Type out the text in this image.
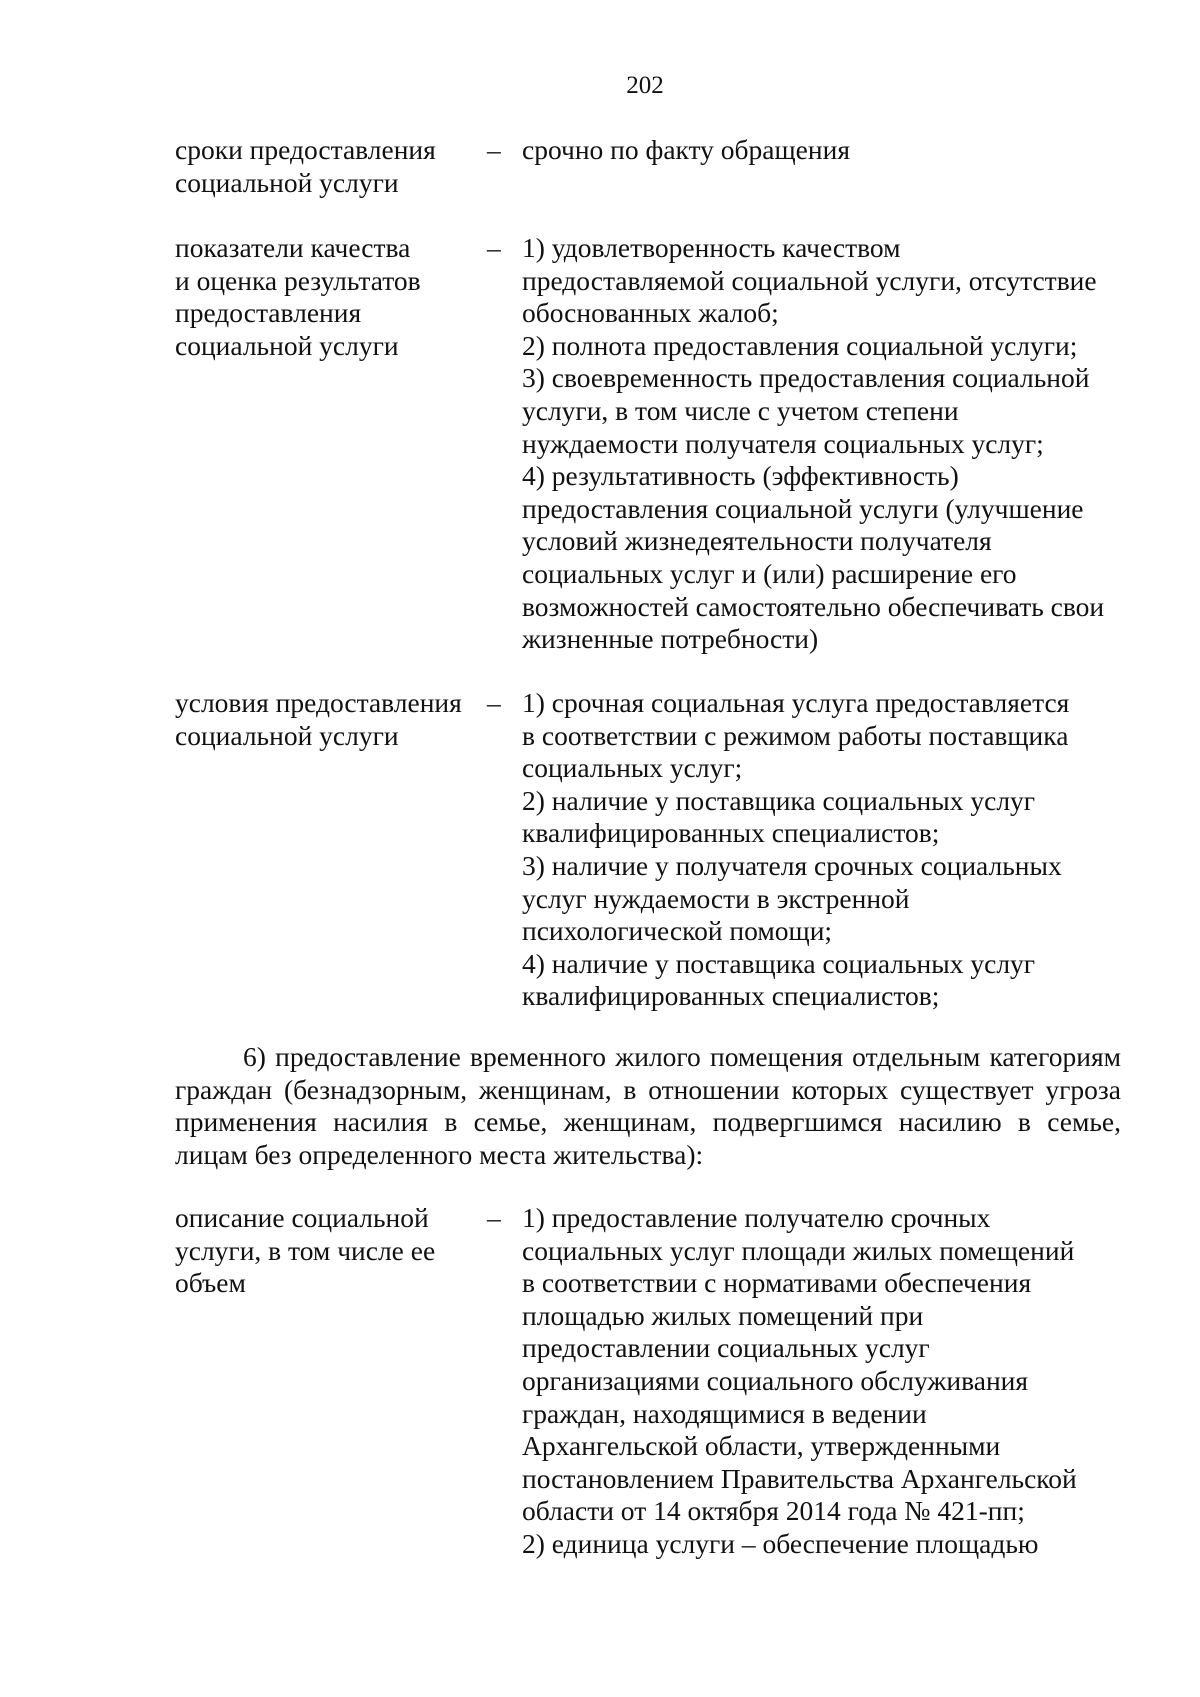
202
сроки предоставления
социальной услуги
– срочно по факту обращения
показатели качества
и оценка результатов
предоставления
социальной услуги
– 1) удовлетворенность качеством
предоставляемой социальной услуги, отсутствие
обоснованных жалоб;
2) полнота предоставления социальной услуги;
3) своевременность предоставления социальной
услуги, в том числе с учетом степени
нуждаемости получателя социальных услуг;
4) результативность (эффективность)
предоставления социальной услуги (улучшение
условий жизнедеятельности получателя
социальных услуг и (или) расширение его
возможностей самостоятельно обеспечивать свои
жизненные потребности)
условия предоставления
социальной услуги
– 1) срочная социальная услуга предоставляется
в соответствии с режимом работы поставщика
социальных услуг;
2) наличие у поставщика социальных услуг
квалифицированных специалистов;
3) наличие у получателя срочных социальных
услуг нуждаемости в экстренной
психологической помощи;
4) наличие у поставщика социальных услуг
квалифицированных специалистов;
6) предоставление временного жилого помещения отдельным категориям
граждан (безнадзорным, женщинам, в отношении которых существует угроза
применения насилия в семье, женщинам, подвергшимся насилию в семье,
лицам без определенного места жительства):
описание социальной
услуги, в том числе ее
объем
– 1) предоставление получателю срочных
социальных услуг площади жилых помещений
в соответствии с нормативами обеспечения
площадью жилых помещений при
предоставлении социальных услуг
организациями социального обслуживания
граждан, находящимися в ведении
Архангельской области, утвержденными
постановлением Правительства Архангельской
области от 14 октября 2014 года № 421-пп;
2) единица услуги – обеспечение площадью
